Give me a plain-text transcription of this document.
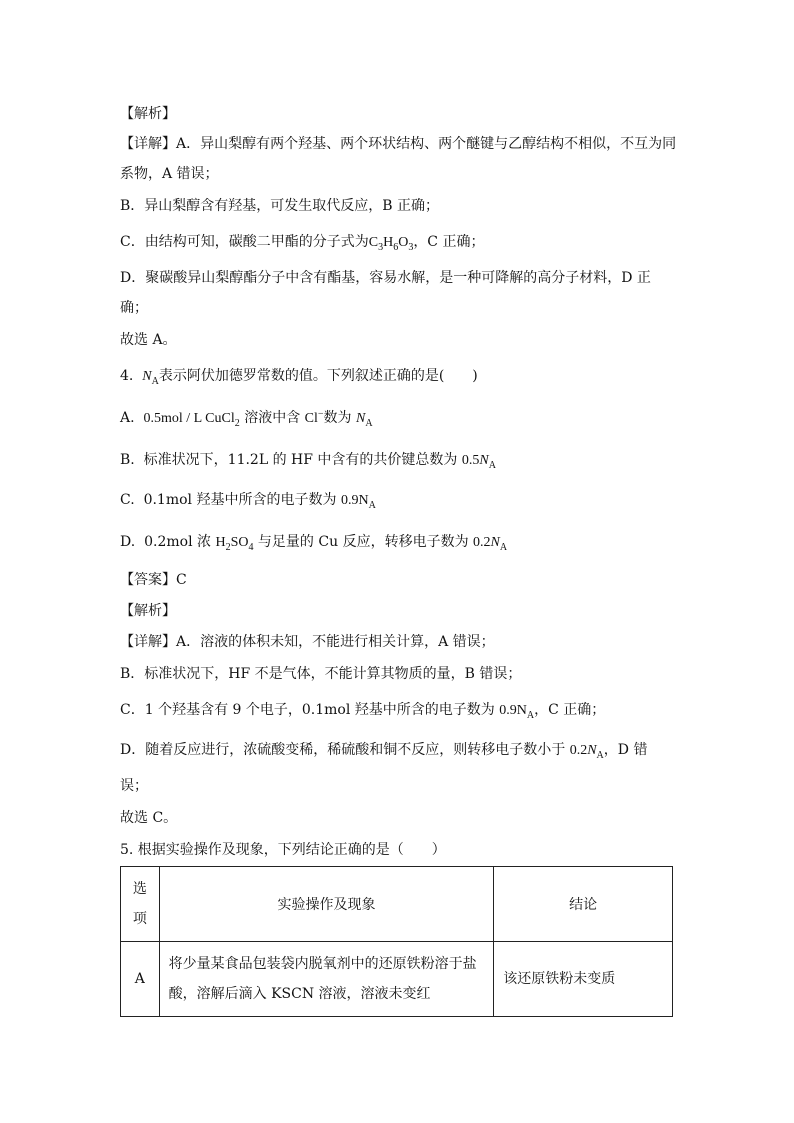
【解析】
【详解】A．异山梨醇有两个羟基、两个环状结构、两个醚键与乙醇结构不相似，不互为同
系物，A 错误；
B．异山梨醇含有羟基，可发生取代反应，B 正确；
C．由结构可知，碳酸二甲酯的分子式为$C_3H_6O_3$，C 正确；
D．聚碳酸异山梨醇酯分子中含有酯基，容易水解，是一种可降解的高分子材料，D 正
确；
故选 A。
4. $N_A$表示阿伏加德罗常数的值。下列叙述正确的是(　　)
A. 0.5mol / L CuCl$_2$ 溶液中含 Cl−数为 $N_A$
B. 标准状况下，11.2L 的 HF 中含有的共价键总数为 $0.5N_A$
C. 0.1mol 羟基中所含的电子数为 $0.9N_A$
D. 0.2mol 浓 $H_2SO_4$ 与足量的 Cu 反应，转移电子数为 $0.2N_A$
【答案】C
【解析】
【详解】A．溶液的体积未知，不能进行相关计算，A 错误；
B．标准状况下，HF 不是气体，不能计算其物质的量，B 错误；
C．1 个羟基含有 9 个电子，0.1mol 羟基中所含的电子数为 $0.9N_A$，C 正确；
D．随着反应进行，浓硫酸变稀，稀硫酸和铜不反应，则转移电子数小于 $0.2N_A$，D 错
误；
故选 C。
5. 根据实验操作及现象，下列结论正确的是（　　）
选
项	实验操作及现象	结论
A	将少量某食品包装袋内脱氧剂中的还原铁粉溶于盐
酸，溶解后滴入 KSCN 溶液，溶液未变红	该还原铁粉未变质
